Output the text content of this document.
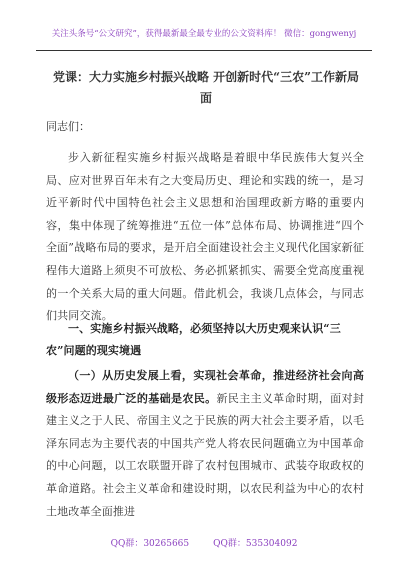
关注头条号“公文研究”，获得最新最全最专业的公文资料库！ 微信：gongwenyj
党课：大力实施乡村振兴战略 开创新时代“三农”工作新局面
同志们：
步入新征程实施乡村振兴战略是着眼中华民族伟大复兴全局、应对世界百年未有之大变局历史、理论和实践的统一，是习近平新时代中国特色社会主义思想和治国理政新方略的重要内容，集中体现了统筹推进“五位一体”总体布局、协调推进“四个全面”战略布局的要求，是开启全面建设社会主义现代化国家新征程伟大道路上须臾不可放松、务必抓紧抓实、需要全党高度重视的一个关系大局的重大问题。借此机会，我谈几点体会，与同志们共同交流。
一、实施乡村振兴战略，必须坚持以大历史观来认识“三农”问题的现实境遇
（一）从历史发展上看，实现社会革命，推进经济社会向高级形态迈进最广泛的基础是农民。新民主主义革命时期，面对封建主义之于人民、帝国主义之于民族的两大社会主要矛盾，以毛泽东同志为主要代表的中国共产党人将农民问题确立为中国革命的中心问题，以工农联盟开辟了农村包围城市、武装夺取政权的革命道路。社会主义革命和建设时期，以农民利益为中心的农村土地改革全面推进
QQ群：30265665	QQ群：535304092
